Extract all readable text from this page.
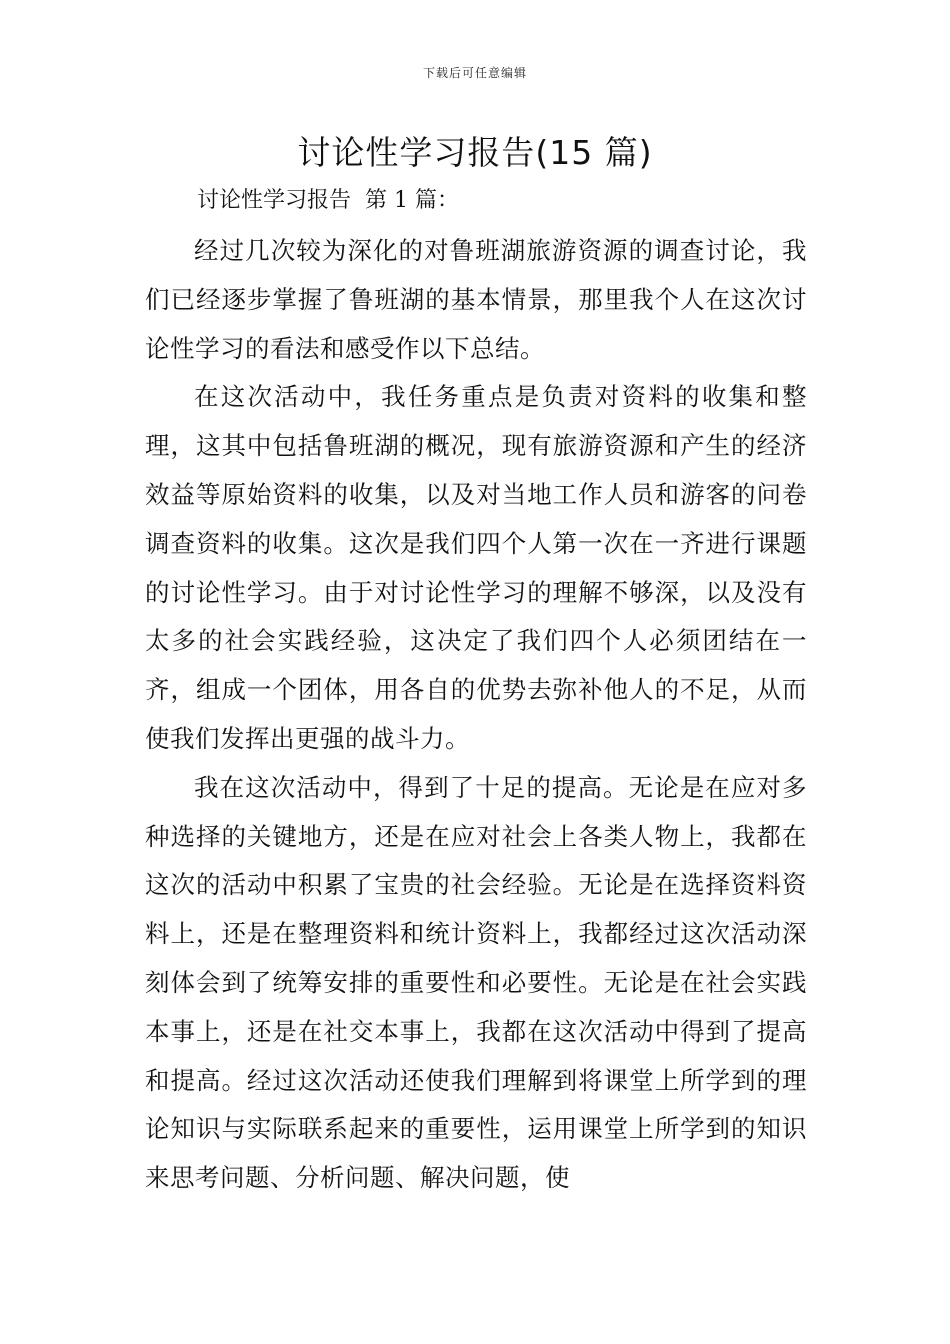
下载后可任意编辑
讨论性学习报告(15 篇)
讨论性学习报告  第 1 篇：

经过几次较为深化的对鲁班湖旅游资源的调查讨论，我们已经逐步掌握了鲁班湖的基本情景，那里我个人在这次讨论性学习的看法和感受作以下总结。

在这次活动中，我任务重点是负责对资料的收集和整理，这其中包括鲁班湖的概况，现有旅游资源和产生的经济效益等原始资料的收集，以及对当地工作人员和游客的问卷调查资料的收集。这次是我们四个人第一次在一齐进行课题的讨论性学习。由于对讨论性学习的理解不够深，以及没有太多的社会实践经验，这决定了我们四个人必须团结在一齐，组成一个团体，用各自的优势去弥补他人的不足，从而使我们发挥出更强的战斗力。

我在这次活动中，得到了十足的提高。无论是在应对多种选择的关键地方，还是在应对社会上各类人物上，我都在这次的活动中积累了宝贵的社会经验。无论是在选择资料资料上，还是在整理资料和统计资料上，我都经过这次活动深刻体会到了统筹安排的重要性和必要性。无论是在社会实践本事上，还是在社交本事上，我都在这次活动中得到了提高和提高。经过这次活动还使我们理解到将课堂上所学到的理论知识与实际联系起来的重要性，运用课堂上所学到的知识来思考问题、分析问题、解决问题，使
